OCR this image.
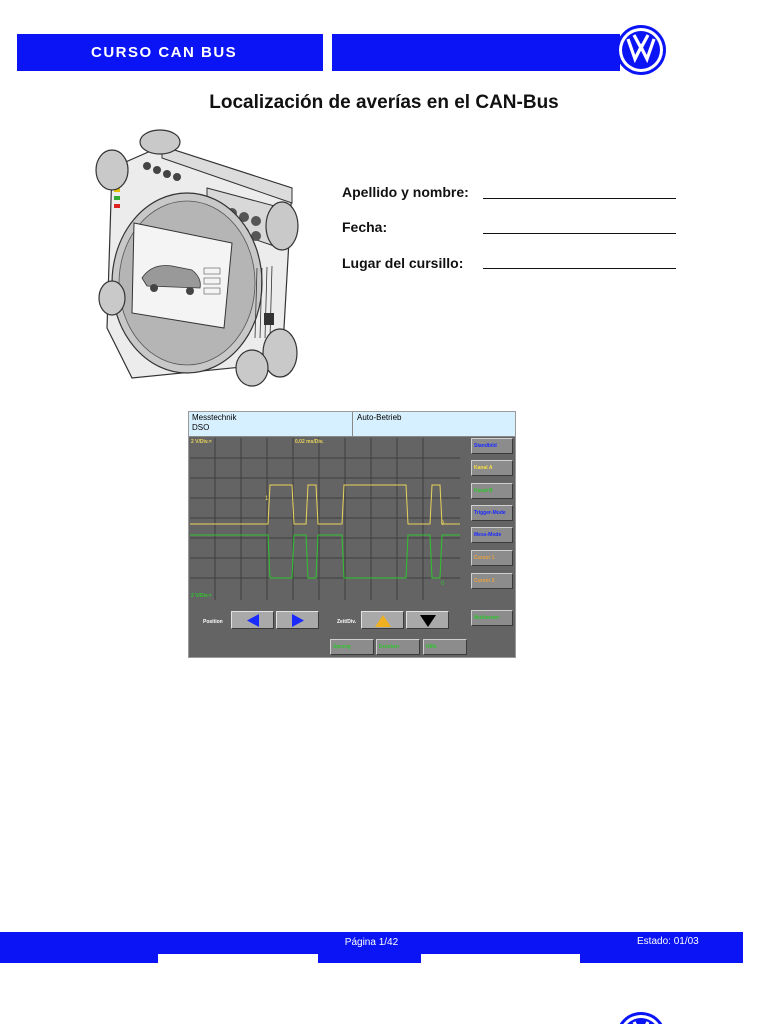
CURSO CAN BUS
Localización de averías en el CAN-Bus
Apellido y nombre:
Fecha:
Lugar del cursillo:
Messtechnik
DSO
Auto-Betrieb
1
0
0
2 V/Div.=	0.02 ms/Div.
2 V/Div.=
Standbild
Kanal A
Kanal B
Trigger-Mode
Mess-Mode
Cursor 1
Cursor 2
Multimeter
Position	Zeit/Div.
Sprung	Drucken	Hilfe
Página 1/42	Estado: 01/03
